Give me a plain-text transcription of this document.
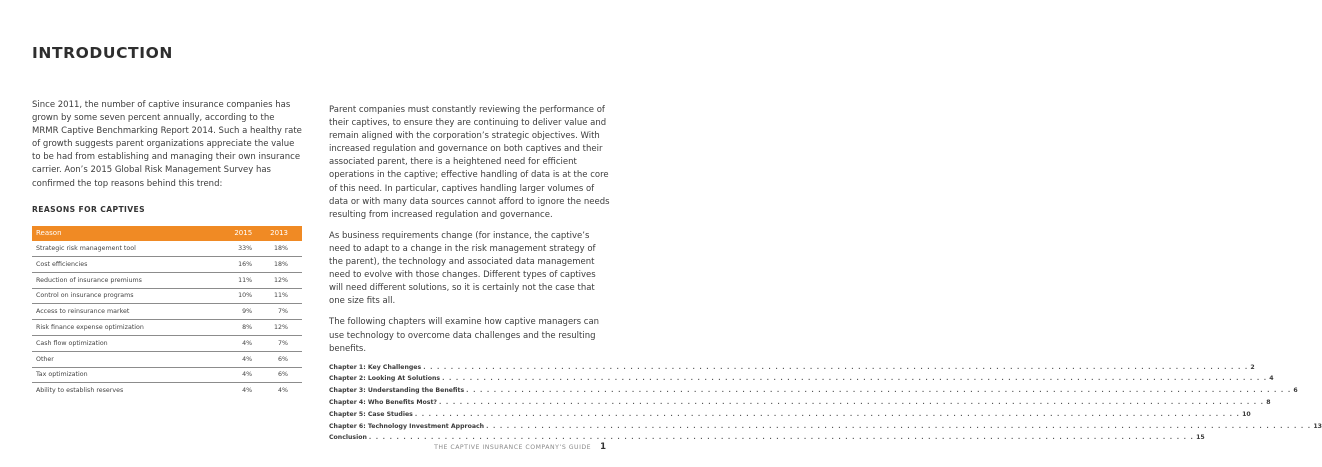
INTRODUCTION

Since 2011, the number of captive insurance companies has grown by some seven percent annually, according to the MRMR Captive Benchmarking Report 2014. Such a healthy rate of growth suggests parent organizations appreciate the value to be had from establishing and managing their own insurance carrier. Aon’s 2015 Global Risk Management Survey has confirmed the top reasons behind this trend:

REASONS FOR CAPTIVES
Reason	2015	2013
Strategic risk management tool	33%	18%
Cost efficiencies	16%	18%
Reduction of insurance premiums	11%	12%
Control on insurance programs	10%	11%
Access to reinsurance market	9%	7%
Risk finance expense optimization	8%	12%
Cash flow optimization	4%	7%
Other	4%	6%
Tax optimization	4%	6%
Ability to establish reserves	4%	4%

Parent companies must constantly reviewing the performance of their captives, to ensure they are continuing to deliver value and remain aligned with the corporation’s strategic objectives. With increased regulation and governance on both captives and their associated parent, there is a heightened need for efficient operations in the captive; effective handling of data is at the core of this need. In particular, captives handling larger volumes of data or with many data sources cannot afford to ignore the needs resulting from increased regulation and governance.

As business requirements change (for instance, the captive’s need to adapt to a change in the risk management strategy of the parent), the technology and associated data management need to evolve with those changes. Different types of captives will need different solutions, so it is certainly not the case that one size fits all.

The following chapters will examine how captive managers can use technology to overcome data challenges and the resulting benefits.

Chapter 1: Key Challenges . . . . . . . . . . . . . . . . . . . . . . . . . . . . . . . . . . . . . . . . . . . . . . . . . . . . . . . . . . . . . . . . . . . . . . . . . . . . . . . . . . . . . . . . . . . . . . . . . . . . . . . . . . . . . . . . . . . . . . . . 2
Chapter 2: Looking At Solutions . . . . . . . . . . . . . . . . . . . . . . . . . . . . . . . . . . . . . . . . . . . . . . . . . . . . . . . . . . . . . . . . . . . . . . . . . . . . . . . . . . . . . . . . . . . . . . . . . . . . . . . . . . . . . . . . . . . . . . . . 4
Chapter 3: Understanding the Benefits . . . . . . . . . . . . . . . . . . . . . . . . . . . . . . . . . . . . . . . . . . . . . . . . . . . . . . . . . . . . . . . . . . . . . . . . . . . . . . . . . . . . . . . . . . . . . . . . . . . . . . . . . . . . . . . . . . . . . . . . 6
Chapter 4: Who Benefits Most? . . . . . . . . . . . . . . . . . . . . . . . . . . . . . . . . . . . . . . . . . . . . . . . . . . . . . . . . . . . . . . . . . . . . . . . . . . . . . . . . . . . . . . . . . . . . . . . . . . . . . . . . . . . . . . . . . . . . . . . . 8
Chapter 5: Case Studies . . . . . . . . . . . . . . . . . . . . . . . . . . . . . . . . . . . . . . . . . . . . . . . . . . . . . . . . . . . . . . . . . . . . . . . . . . . . . . . . . . . . . . . . . . . . . . . . . . . . . . . . . . . . . . . . . . . . . . . . 10
Chapter 6: Technology Investment Approach . . . . . . . . . . . . . . . . . . . . . . . . . . . . . . . . . . . . . . . . . . . . . . . . . . . . . . . . . . . . . . . . . . . . . . . . . . . . . . . . . . . . . . . . . . . . . . . . . . . . . . . . . . . . . . . . . . . . . . . . 13
Conclusion . . . . . . . . . . . . . . . . . . . . . . . . . . . . . . . . . . . . . . . . . . . . . . . . . . . . . . . . . . . . . . . . . . . . . . . . . . . . . . . . . . . . . . . . . . . . . . . . . . . . . . . . . . . . . . . . . . . . . . . . 15
THE CAPTIVE INSURANCE COMPANY’S GUIDE 1
